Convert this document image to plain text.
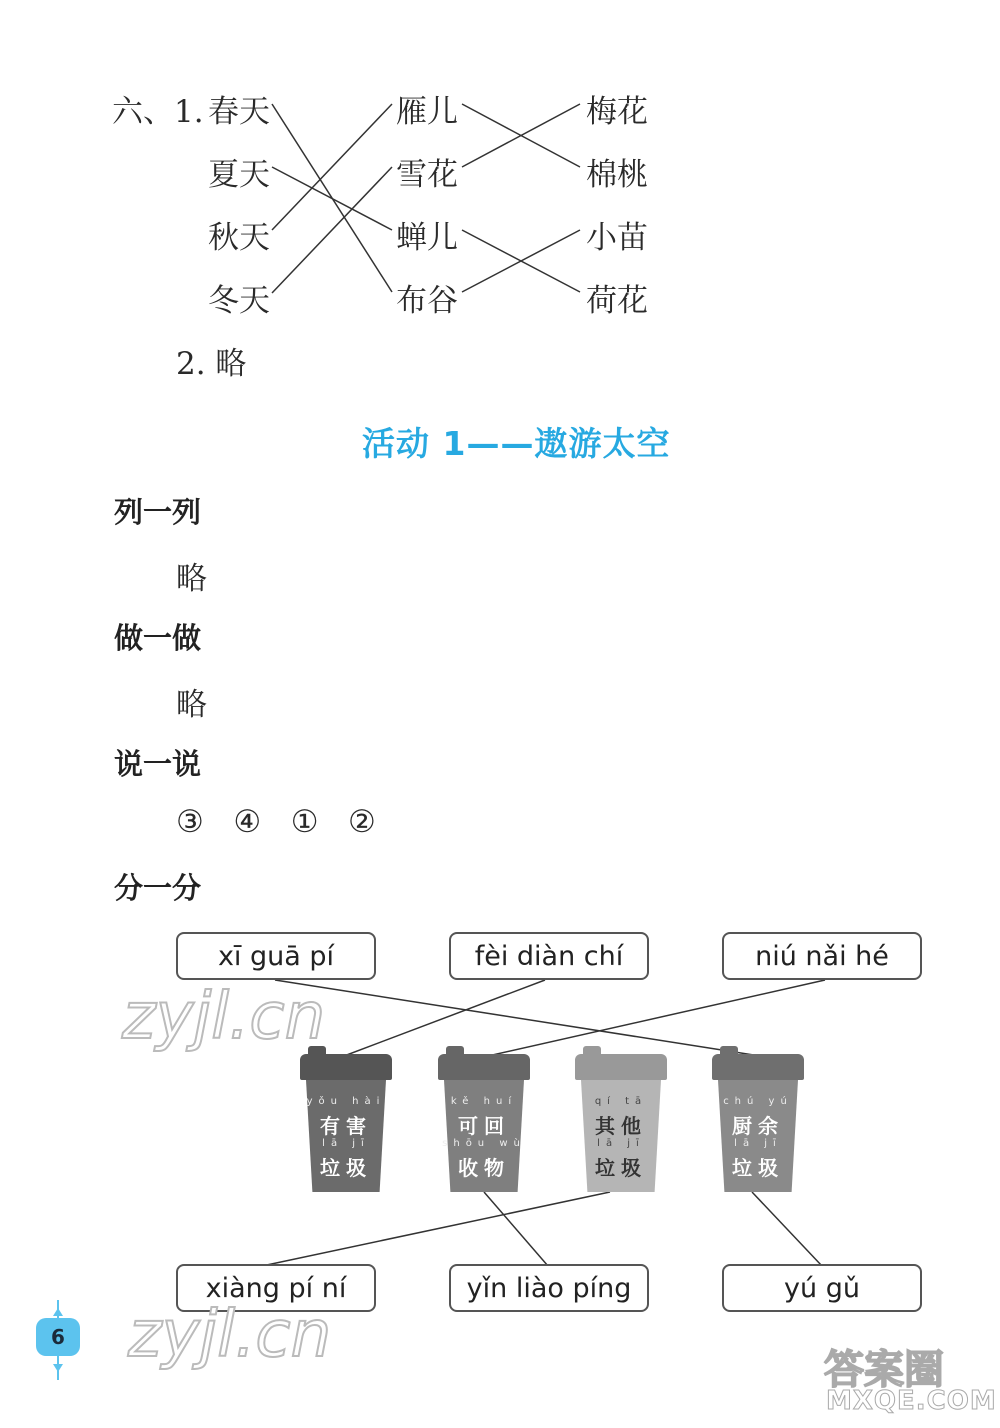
六、1. 春天
夏天
秋天
冬天
雁儿
雪花
蝉儿
布谷
梅花
棉桃
小苗
荷花
2. 略
活动 1——遨游太空
列一列
略
做一做
略
说一说
③   ④   ①   ②
分一分
xī guā pí	fèi diàn chí	niú nǎi hé
xiàng pí ní	yǐn liào píng	yú gǔ
yǒu hài
有害
lā jī
垃圾
kě huí
可回
shōu wù
收物
qí tā
其他
lā jī
垃圾
chú yú
厨余
lā jī
垃圾
zyjl.cn
zyjl.cn	答案圈
MXQE.COM
6
